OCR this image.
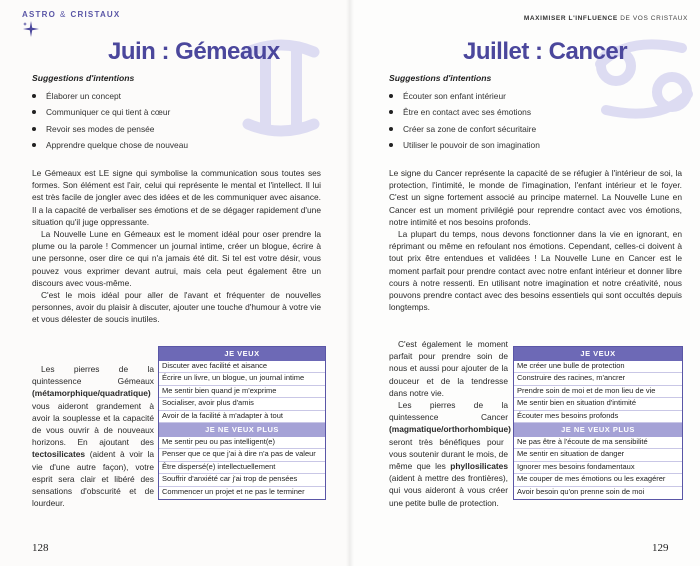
ASTRO & CRISTAUX
Juin : Gémeaux
Suggestions d'intentions
Élaborer un concept
Communiquer ce qui tient à cœur
Revoir ses modes de pensée
Apprendre quelque chose de nouveau

Le Gémeaux est LE signe qui symbolise la communication sous toutes ses formes. Son élément est l'air, celui qui représente le mental et l'intellect. Il lui est très facile de jongler avec des idées et de les communiquer avec aisance. Il a la capacité de verbaliser ses émotions et de se dégager rapidement d'une situation qu'il juge oppressante.

La Nouvelle Lune en Gémeaux est le moment idéal pour oser prendre la plume ou la parole ! Commencer un journal intime, créer un blogue, écrire à une personne, oser dire ce qui n'a jamais été dit. Si tel est votre désir, vous pouvez vous exprimer devant autrui, mais cela peut également être un discours avec vous-même.

C'est le mois idéal pour aller de l'avant et fréquenter de nouvelles personnes, avoir du plaisir à discuter, ajouter une touche d'humour à votre vie et vous délester de soucis inutiles.

Les pierres de la quintessence Gémeaux (métamorphique/quadratique) vous aideront grandement à avoir la souplesse et la capacité de vous ouvrir à de nouveaux horizons. En ajoutant des tectosilicates (aident à voir la vie d'une autre façon), votre esprit sera clair et libéré des sensations d'obscurité et de lourdeur.

JE VEUX
Discuter avec facilité et aisance
Écrire un livre, un blogue, un journal intime
Me sentir bien quand je m'exprime
Socialiser, avoir plus d'amis
Avoir de la facilité à m'adapter à tout
JE NE VEUX PLUS
Me sentir peu ou pas intelligent(e)
Penser que ce que j'ai à dire n'a pas de valeur
Être dispersé(e) intellectuellement
Souffrir d'anxiété car j'ai trop de pensées
Commencer un projet et ne pas le terminer
128
MAXIMISER L'INFLUENCE DE VOS CRISTAUX
Juillet : Cancer
Suggestions d'intentions
Écouter son enfant intérieur
Être en contact avec ses émotions
Créer sa zone de confort sécuritaire
Utiliser le pouvoir de son imagination

Le signe du Cancer représente la capacité de se réfugier à l'intérieur de soi, la protection, l'intimité, le monde de l'imagination, l'enfant intérieur et le foyer. C'est un signe fortement associé au principe maternel. La Nouvelle Lune en Cancer est un moment privilégié pour reprendre contact avec vos émotions, notre intimité et nos besoins profonds.

La plupart du temps, nous devons fonctionner dans la vie en ignorant, en réprimant ou même en refoulant nos émotions. Cependant, celles-ci doivent à tout prix être entendues et validées ! La Nouvelle Lune en Cancer est le moment parfait pour prendre contact avec notre enfant intérieur et donner libre cours à notre ressenti. En utilisant notre imagination et notre créativité, nous pouvons prendre contact avec des besoins essentiels qui sont occultés depuis longtemps.

C'est également le moment parfait pour prendre soin de nous et aussi pour ajouter de la douceur et de la tendresse dans notre vie.

Les pierres de la quintessence Cancer (magmatique/orthorhombique) seront très bénéfiques pour vous soutenir durant le mois, de même que les phyllosilicates (aident à mettre des frontières), qui vous aideront à vous créer une petite bulle de protection.

JE VEUX
Me créer une bulle de protection
Construire des racines, m'ancrer
Prendre soin de moi et de mon lieu de vie
Me sentir bien en situation d'intimité
Écouter mes besoins profonds
JE NE VEUX PLUS
Ne pas être à l'écoute de ma sensibilité
Me sentir en situation de danger
Ignorer mes besoins fondamentaux
Me couper de mes émotions ou les exagérer
Avoir besoin qu'on prenne soin de moi
129
